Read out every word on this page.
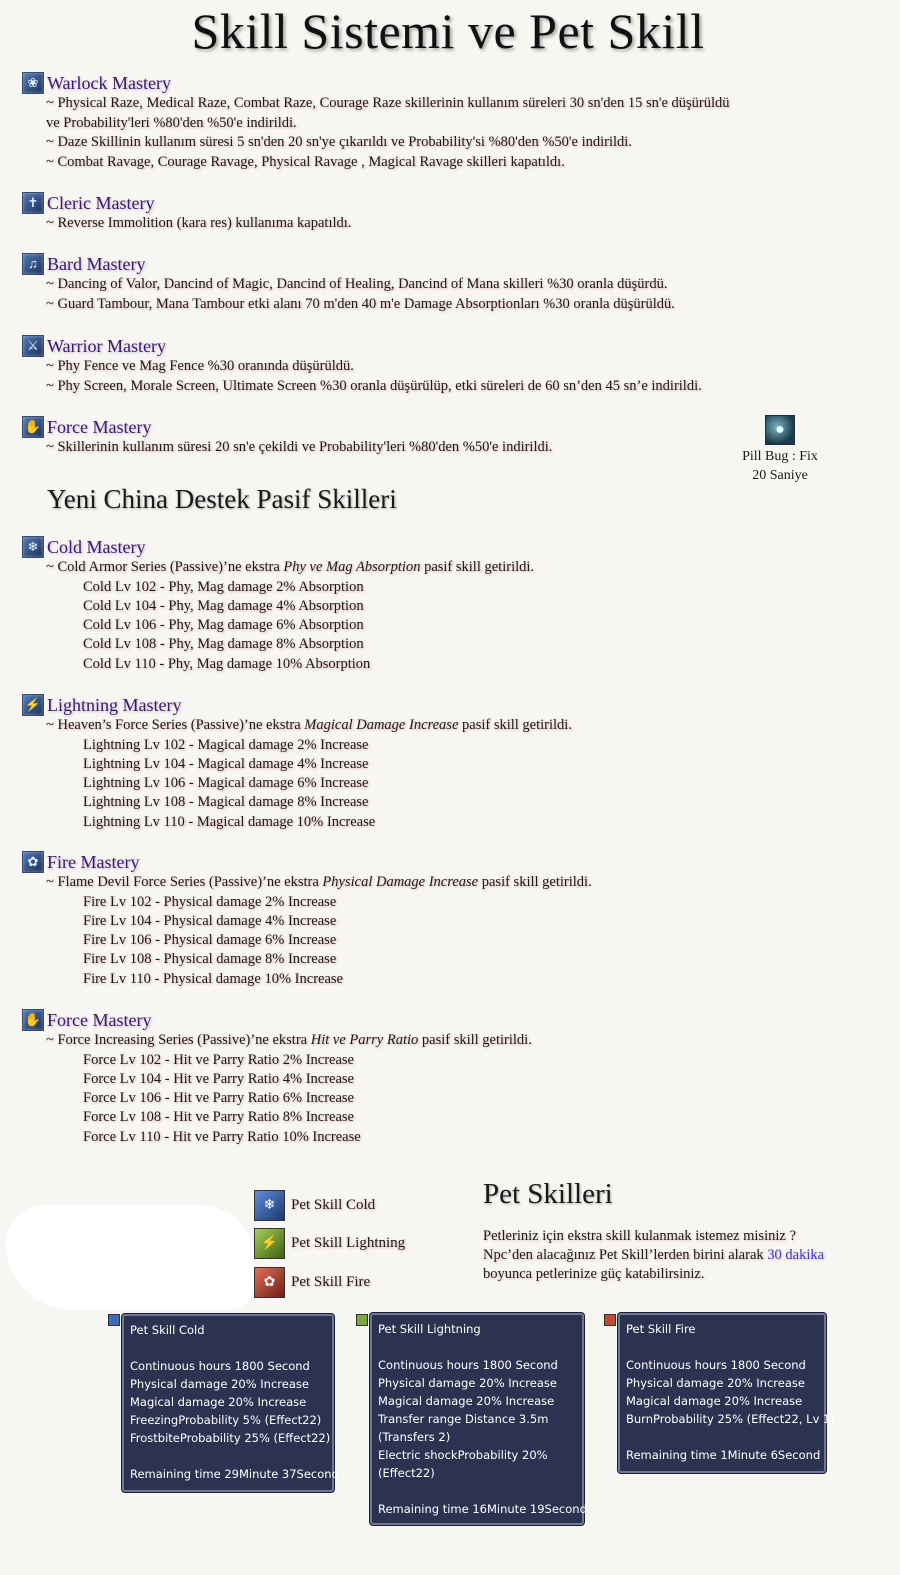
Skill Sistemi ve Pet Skill
❀ Warlock Mastery
~ Physical Raze, Medical Raze, Combat Raze, Courage Raze skillerinin kullanım süreleri 30 sn'den 15 sn'e düşürüldü
ve Probability'leri %80'den %50'e indirildi.
~ Daze Skillinin kullanım süresi 5 sn'den 20 sn'ye çıkarıldı ve Probability'si %80'den %50'e indirildi.
~ Combat Ravage, Courage Ravage, Physical Ravage , Magical Ravage skilleri kapatıldı.
✝ Cleric Mastery
~ Reverse Immolition (kara res) kullanıma kapatıldı.
♫ Bard Mastery
~ Dancing of Valor, Dancind of Magic, Dancind of Healing, Dancind of Mana skilleri %30 oranla düşürdü.
~ Guard Tambour, Mana Tambour etki alanı 70 m'den 40 m'e Damage Absorptionları %30 oranla düşürüldü.
⚔ Warrior Mastery
~ Phy Fence ve Mag Fence %30 oranında düşürüldü.
~ Phy Screen, Morale Screen, Ultimate Screen %30 oranla düşürülüp, etki süreleri de 60 sn’den 45 sn’e indirildi.
✋ Force Mastery
~ Skillerinin kullanım süresi 20 sn'e çekildi ve Probability'leri %80'den %50'e indirildi.
●
Pill Bug : Fix
20 Saniye
Yeni China Destek Pasif Skilleri
❄ Cold Mastery
~ Cold Armor Series (Passive)’ne ekstra Phy ve Mag Absorption pasif skill getirildi.
Cold Lv 102 - Phy, Mag damage 2% Absorption
Cold Lv 104 - Phy, Mag damage 4% Absorption
Cold Lv 106 - Phy, Mag damage 6% Absorption
Cold Lv 108 - Phy, Mag damage 8% Absorption
Cold Lv 110 - Phy, Mag damage 10% Absorption
⚡ Lightning Mastery
~ Heaven’s Force Series (Passive)’ne ekstra Magical Damage Increase pasif skill getirildi.
Lightning Lv 102 - Magical damage 2% Increase
Lightning Lv 104 - Magical damage 4% Increase
Lightning Lv 106 - Magical damage 6% Increase
Lightning Lv 108 - Magical damage 8% Increase
Lightning Lv 110 - Magical damage 10% Increase
✿ Fire Mastery
~ Flame Devil Force Series (Passive)’ne ekstra Physical Damage Increase pasif skill getirildi.
Fire Lv 102 - Physical damage 2% Increase
Fire Lv 104 - Physical damage 4% Increase
Fire Lv 106 - Physical damage 6% Increase
Fire Lv 108 - Physical damage 8% Increase
Fire Lv 110 - Physical damage 10% Increase
✋ Force Mastery
~ Force Increasing Series (Passive)’ne ekstra Hit ve Parry Ratio pasif skill getirildi.
Force Lv 102 - Hit ve Parry Ratio 2% Increase
Force Lv 104 - Hit ve Parry Ratio 4% Increase
Force Lv 106 - Hit ve Parry Ratio 6% Increase
Force Lv 108 - Hit ve Parry Ratio 8% Increase
Force Lv 110 - Hit ve Parry Ratio 10% Increase
❄	Pet Skill Cold
⚡ Pet Skill Lightning
✿	Pet Skill Fire
Pet Skilleri
Petleriniz için ekstra skill kulanmak istemez misiniz ?
Npc’den alacağınız Pet Skill’lerden birini alarak 30 dakika
boyunca petlerinize güç katabilirsiniz.
Pet Skill Cold
Continuous hours 1800 Second
Physical damage 20% Increase
Magical damage 20% Increase
FreezingProbability 5% (Effect22)
FrostbiteProbability 25% (Effect22)
Remaining time 29Minute 37Second
Pet Skill Lightning
Continuous hours 1800 Second
Physical damage 20% Increase
Magical damage 20% Increase
Transfer range Distance 3.5m
(Transfers 2)
Electric shockProbability 20%
(Effect22)
Remaining time 16Minute 19Second
Pet Skill Fire
Continuous hours 1800 Second
Physical damage 20% Increase
Magical damage 20% Increase
BurnProbability 25% (Effect22, Lv 1)
Remaining time 1Minute 6Second
